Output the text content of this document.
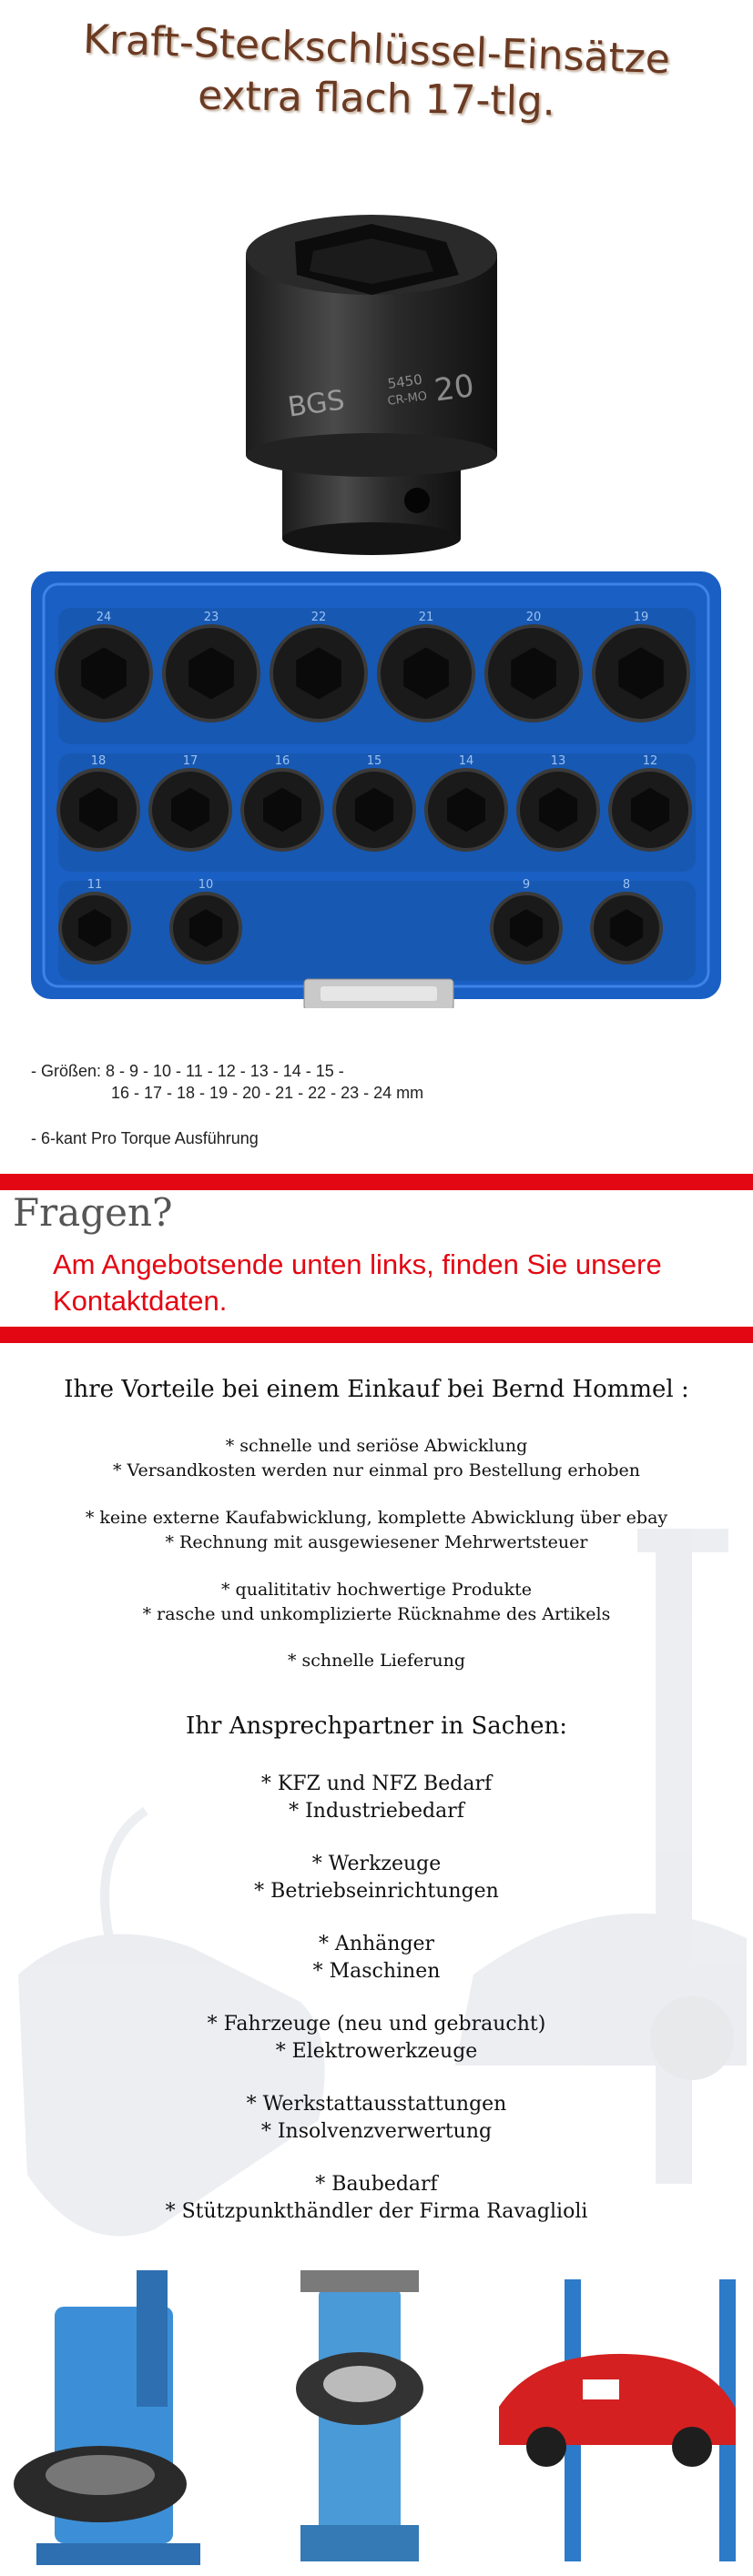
Kraft-Steckschlüssel-Einsätze
extra flach 17-tlg.
BGS
5450
CR-MO 20
24	23	22	21	20	19
18	17	16	15	14	13	12
11	10	9	8
- Größen: 8 - 9 - 10 - 11 - 12 - 13 - 14 - 15 -
16 - 17 - 18 - 19 - 20 - 21 - 22 - 23 - 24 mm
- 6-kant Pro Torque Ausführung
Fragen?
Am Angebotsende unten links, finden Sie unsere Kontaktdaten.
Ihre Vorteile bei einem Einkauf bei Bernd Hommel :
* schnelle und seriöse Abwicklung
* Versandkosten werden nur einmal pro Bestellung erhoben
* keine externe Kaufabwicklung, komplette Abwicklung über ebay
* Rechnung mit ausgewiesener Mehrwertsteuer
* qualititativ hochwertige Produkte
* rasche und unkomplizierte Rücknahme des Artikels
* schnelle Lieferung
Ihr Ansprechpartner in Sachen:
* KFZ und NFZ Bedarf
* Industriebedarf
* Werkzeuge
* Betriebseinrichtungen
* Anhänger
* Maschinen
* Fahrzeuge (neu und gebraucht)
* Elektrowerkzeuge
* Werkstattausstattungen
* Insolvenzverwertung
* Baubedarf
* Stützpunkthändler der Firma Ravaglioli
